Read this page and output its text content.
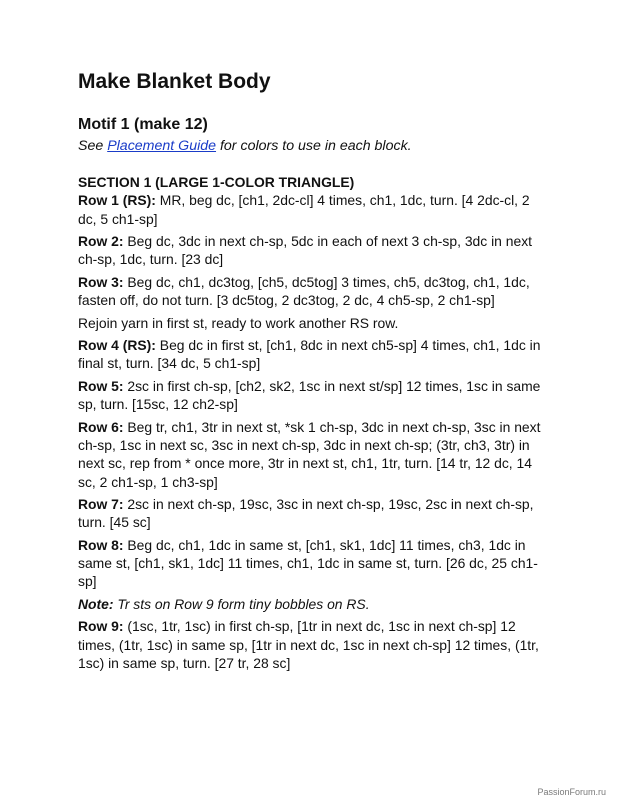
Make Blanket Body
Motif 1 (make 12)

See Placement Guide for colors to use in each block.

SECTION 1 (LARGE 1-COLOR TRIANGLE)

Row 1 (RS): MR, beg dc, [ch1, 2dc-cl] 4 times, ch1, 1dc, turn. [4 2dc-cl, 2 dc, 5 ch1-sp]

Row 2: Beg dc, 3dc in next ch-sp, 5dc in each of next 3 ch-sp, 3dc in next ch-sp, 1dc, turn. [23 dc]

Row 3: Beg dc, ch1, dc3tog, [ch5, dc5tog] 3 times, ch5, dc3tog, ch1, 1dc, fasten off, do not turn. [3 dc5tog, 2 dc3tog, 2 dc, 4 ch5-sp, 2 ch1-sp]

Rejoin yarn in first st, ready to work another RS row.

Row 4 (RS): Beg dc in first st, [ch1, 8dc in next ch5-sp] 4 times, ch1, 1dc in final st, turn. [34 dc, 5 ch1-sp]

Row 5: 2sc in first ch-sp, [ch2, sk2, 1sc in next st/sp] 12 times, 1sc in same sp, turn. [15sc, 12 ch2-sp]

Row 6: Beg tr, ch1, 3tr in next st, *sk 1 ch-sp, 3dc in next ch-sp, 3sc in next ch-sp, 1sc in next sc, 3sc in next ch-sp, 3dc in next ch-sp; (3tr, ch3, 3tr) in next sc, rep from * once more, 3tr in next st, ch1, 1tr, turn. [14 tr, 12 dc, 14 sc, 2 ch1-sp, 1 ch3-sp]

Row 7: 2sc in next ch-sp, 19sc, 3sc in next ch-sp, 19sc, 2sc in next ch-sp, turn. [45 sc]

Row 8: Beg dc, ch1, 1dc in same st, [ch1, sk1, 1dc] 11 times, ch3, 1dc in same st, [ch1, sk1, 1dc] 11 times, ch1, 1dc in same st, turn. [26 dc, 25 ch1-sp]

Note: Tr sts on Row 9 form tiny bobbles on RS.

Row 9: (1sc, 1tr, 1sc) in first ch-sp, [1tr in next dc, 1sc in next ch-sp] 12 times, (1tr, 1sc) in same sp, [1tr in next dc, 1sc in next ch-sp] 12 times, (1tr, 1sc) in same sp, turn. [27 tr, 28 sc]

PassionForum.ru
